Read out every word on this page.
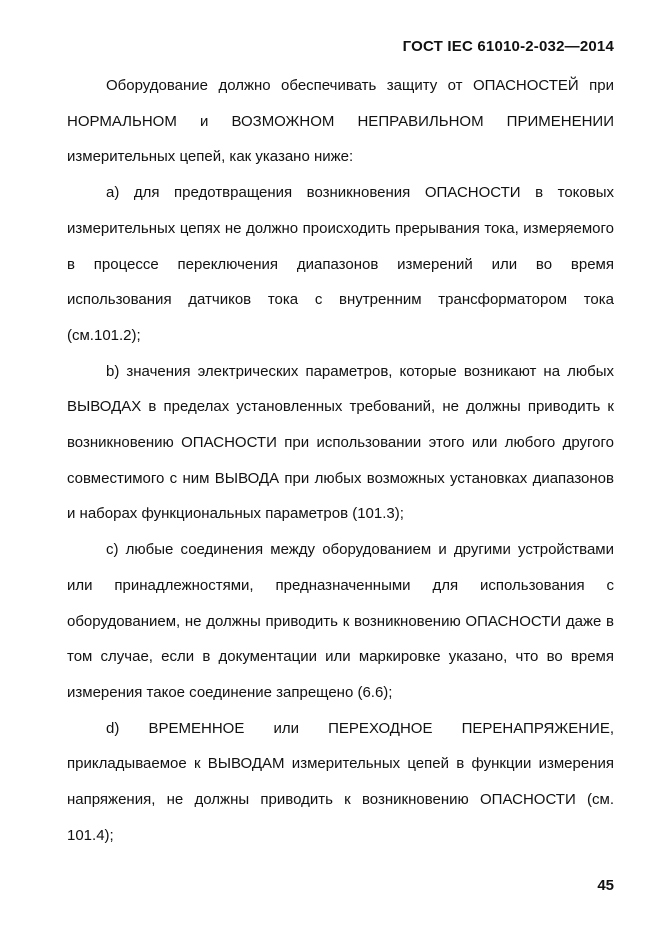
ГОСТ IEC 61010-2-032—2014

Оборудование должно обеспечивать защиту от ОПАСНОСТЕЙ при НОРМАЛЬНОМ и ВОЗМОЖНОМ НЕПРАВИЛЬНОМ ПРИМЕНЕНИИ измерительных цепей, как указано ниже:

a) для предотвращения возникновения ОПАСНОСТИ в токовых измерительных цепях не должно происходить прерывания тока, измеряемого в процессе переключения диапазонов измерений или во время использования датчиков тока с внутренним трансформатором тока (см.101.2);

b) значения электрических параметров, которые возникают на любых ВЫВОДАХ в пределах установленных требований, не должны приводить к возникновению ОПАСНОСТИ при использовании этого или любого другого совместимого с ним ВЫВОДА при любых возможных установках диапазонов и наборах функциональных параметров (101.3);

c) любые соединения между оборудованием и другими устройствами или принадлежностями, предназначенными для использования с оборудованием, не должны приводить к возникновению ОПАСНОСТИ даже в том случае, если в документации или маркировке указано, что во время измерения такое соединение запрещено (6.6);

d) ВРЕМЕННОЕ или ПЕРЕХОДНОЕ ПЕРЕНАПРЯЖЕНИЕ, прикладываемое к ВЫВОДАМ измерительных цепей в функции измерения напряжения, не должны приводить к возникновению ОПАСНОСТИ (см. 101.4);

45
